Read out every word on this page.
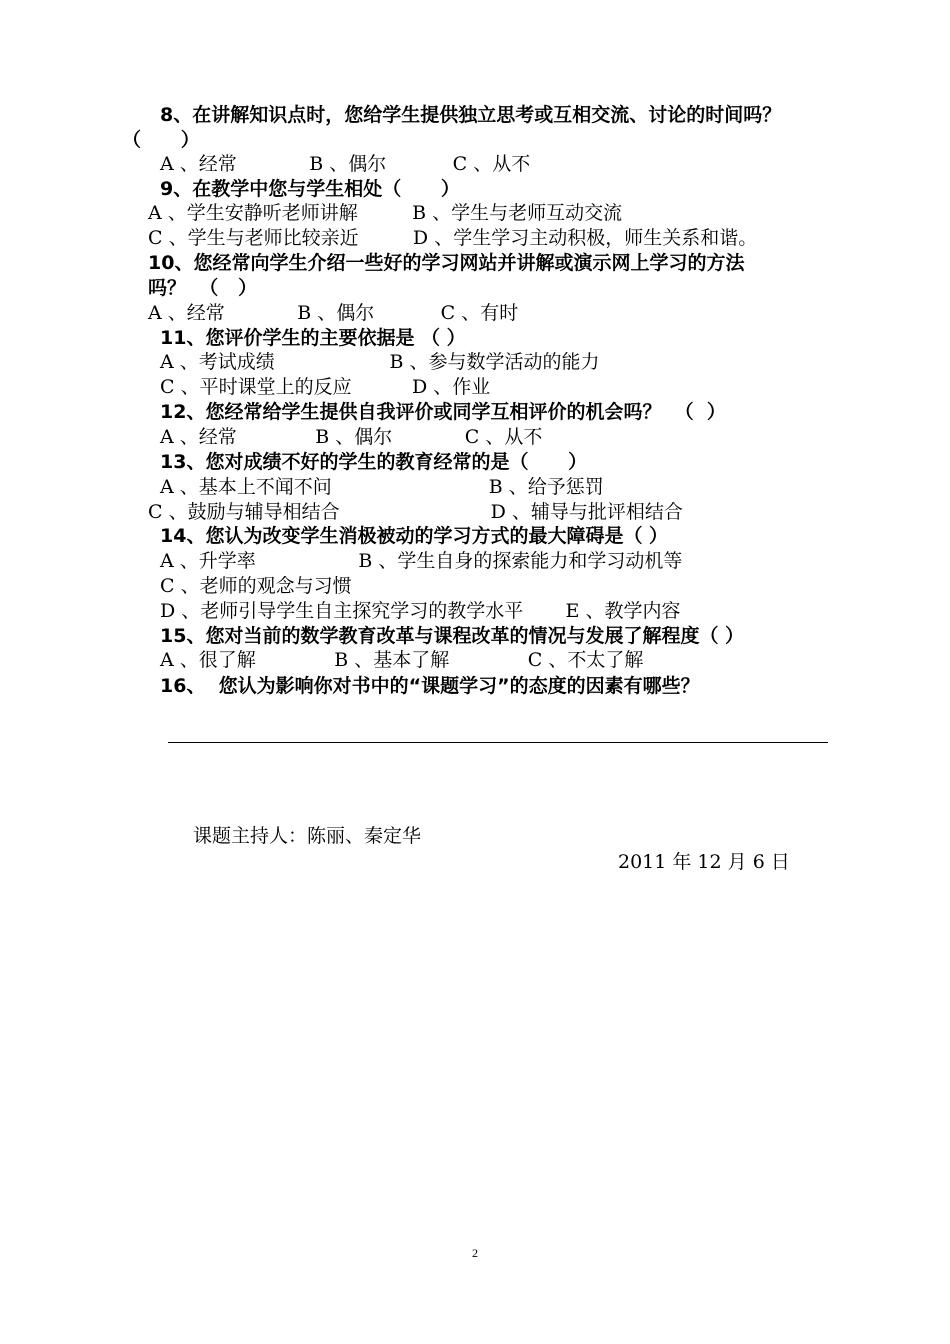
8、在讲解知识点时，您给学生提供独立思考或互相交流、讨论的时间吗？
（      ）
A 、经常            B 、偶尔           C 、从不
9、在教学中您与学生相处（      ）
A 、学生安静听老师讲解         B 、学生与老师互动交流
C 、学生与老师比较亲近         D 、学生学习主动积极，师生关系和谐。
10、您经常向学生介绍一些好的学习网站并讲解或演示网上学习的方法
吗？  （   ）
A 、经常            B 、偶尔           C 、有时
11、您评价学生的主要依据是 （ ）
A 、考试成绩                   B 、参与数学活动的能力
C 、平时课堂上的反应          D 、作业
12、您经常给学生提供自我评价或同学互相评价的机会吗？  （  ）
A 、经常             B 、偶尔            C 、从不
13、您对成绩不好的学生的教育经常的是（      ）
A 、基本上不闻不问                          B 、给予惩罚
C 、鼓励与辅导相结合                         D 、辅导与批评相结合
14、您认为改变学生消极被动的学习方式的最大障碍是（ ）
A 、升学率                 B 、学生自身的探索能力和学习动机等
C 、老师的观念与习惯
D 、老师引导学生自主探究学习的教学水平       E 、教学内容
15、您对当前的数学教育改革与课程改革的情况与发展了解程度（ ）
A 、很了解             B 、基本了解             C 、不太了解
16、  您认为影响你对书中的“课题学习”的态度的因素有哪些？
课题主持人：陈丽、秦定华
2011 年 12 月 6 日
2
